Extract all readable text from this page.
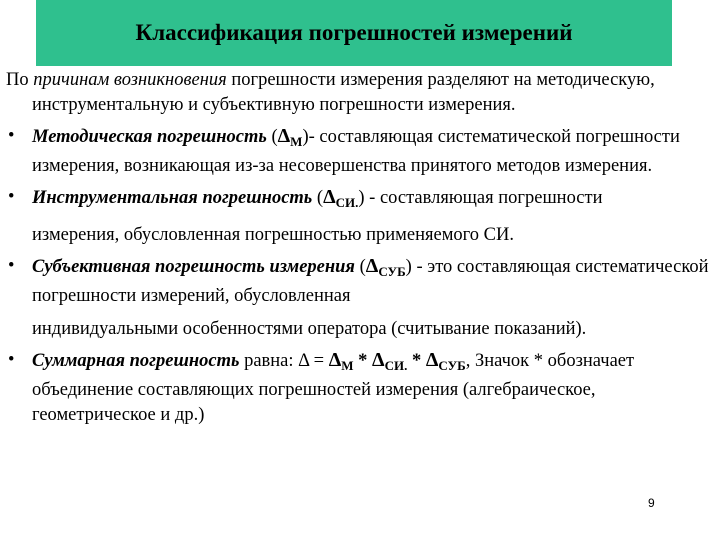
Классификация погрешностей измерений

По причинам возникновения погрешности измерения разделяют на методическую, инструментальную и субъективную погрешности измерения.

• Методическая погрешность $(\Delta_М)-$ составляющая систематической погрешности измерения, возникающая из-за несовершенства принятого методов измерения.

• Инструментальная погрешность $(\Delta_{СИ.})$ - составляющая погрешности

измерения, обусловленная погрешностью применяемого СИ.

• Субъективная погрешность измерения $(\Delta_{СУБ})$ - это составляющая систематической погрешности измерений, обусловленная

индивидуальными особенностями оператора (считывание показаний).

• Суммарная погрешность равна: $\Delta = \Delta_М * \Delta_{СИ.} * \Delta_{СУБ}$, Значок * обозначает объединение составляющих погрешностей измерения (алгебраическое, геометрическое и др.)

9
